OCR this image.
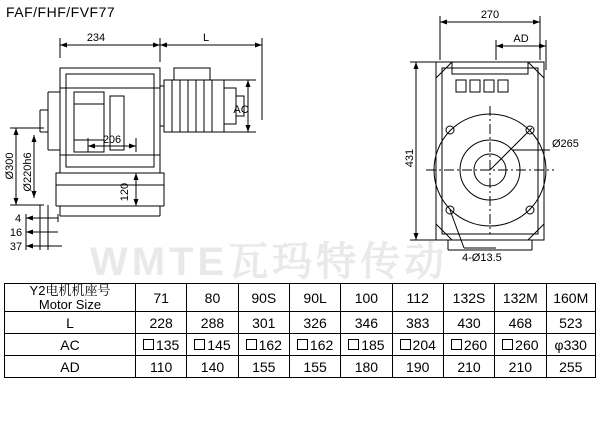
FAF/FHF/FVF77
WMTE瓦玛特传动
234	L
AC
206
120
Ø300 Ø220h6
4
16
37
270
AD
431
Ø265
4-Ø13.5
Y2电机机座号
Motor Size	71	80	90S	90L	100	112	132S	132M	160M
L	228	288	301	326	346	383	430	468	523
AC	135	145	162	162	185	204	260	260	φ330
AD	110	140	155	155	180	190	210	210	255
